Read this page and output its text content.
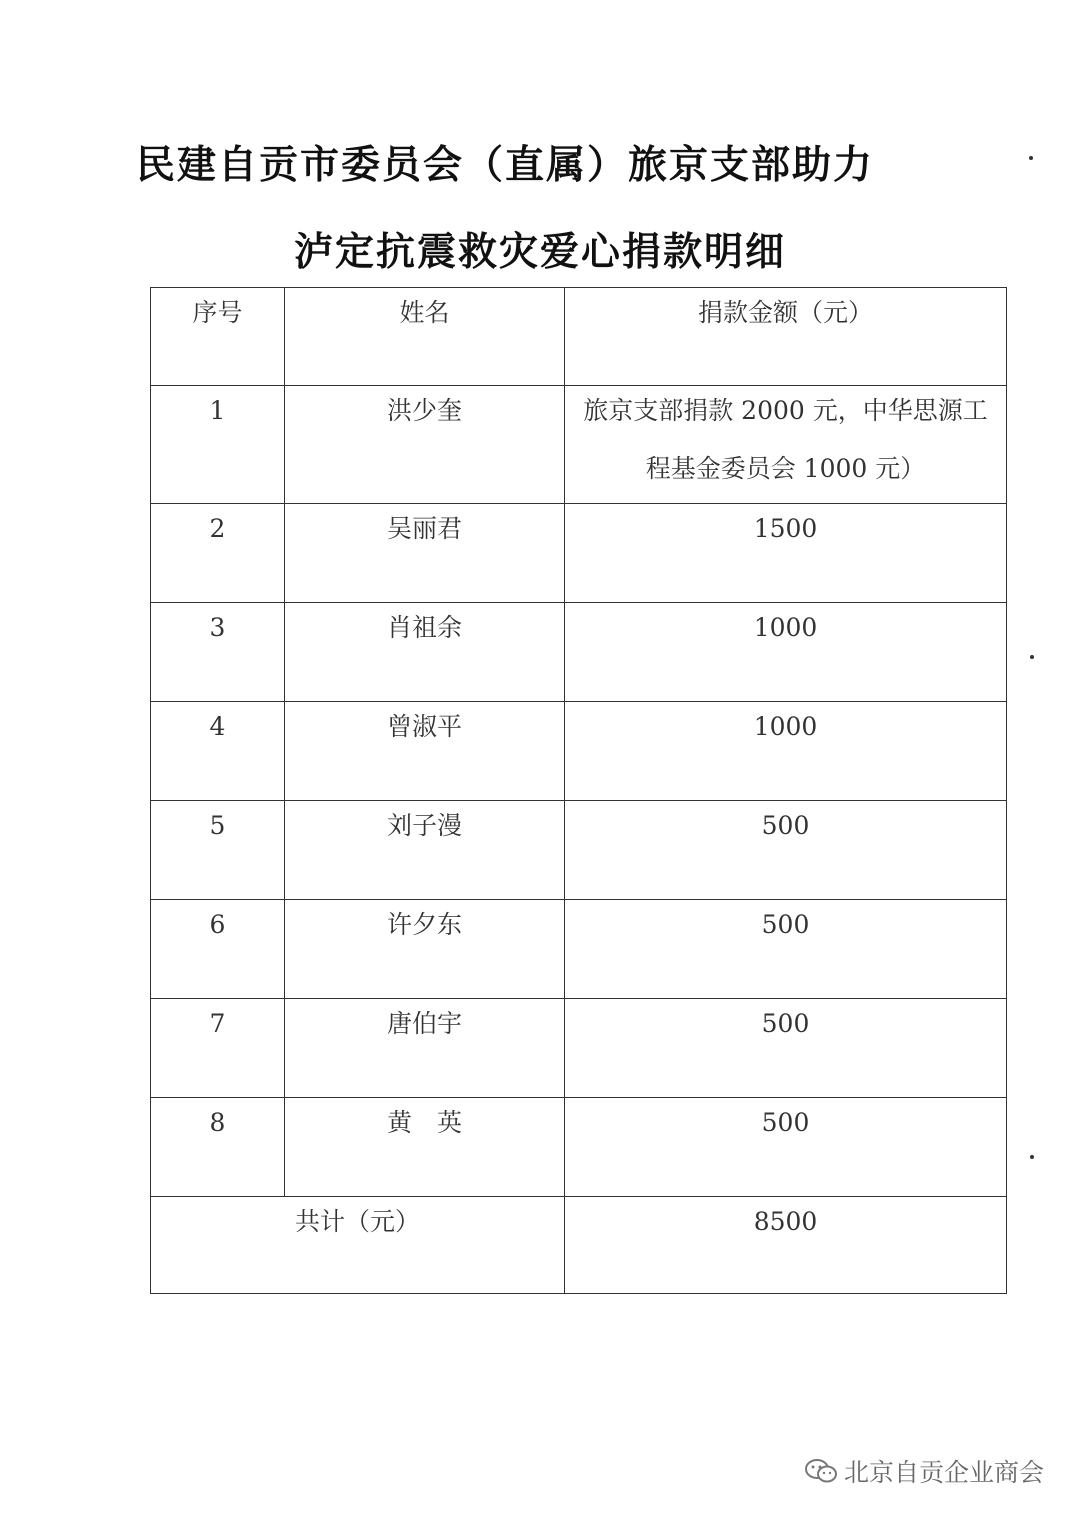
民建自贡市委员会（直属）旅京支部助力
泸定抗震救灾爱心捐款明细
序号	姓名	捐款金额（元）

1	洪少奎	旅京支部捐款 2000 元，中华思源工程基金委员会 1000 元）

2	吴丽君	1500

3	肖祖余	1000

4	曾淑平	1000

5	刘子漫	500

6	许夕东	500

7	唐伯宇	500

8	黄　英	500

共计（元）		8500
北京自贡企业商会
